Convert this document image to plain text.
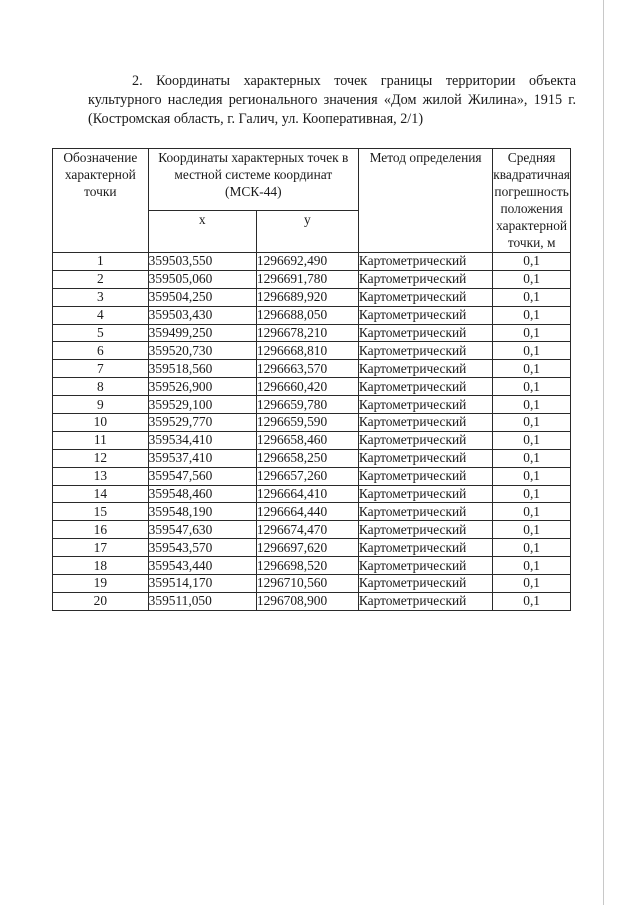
2. Координаты характерных точек границы территории объекта культурного наследия регионального значения «Дом жилой Жилина», 1915 г. (Костромская область, г. Галич, ул. Кооперативная, 2/1)

Обозначение характерной точки	Координаты характерных точек в местной системе координат (МСК-44)		Метод определения	Средняя квадратичная погрешность положения характерной точки, м
	x	y		
1	359503,550	1296692,490	Картометрический	0,1
2	359505,060	1296691,780	Картометрический	0,1
3	359504,250	1296689,920	Картометрический	0,1
4	359503,430	1296688,050	Картометрический	0,1
5	359499,250	1296678,210	Картометрический	0,1
6	359520,730	1296668,810	Картометрический	0,1
7	359518,560	1296663,570	Картометрический	0,1
8	359526,900	1296660,420	Картометрический	0,1
9	359529,100	1296659,780	Картометрический	0,1
10	359529,770	1296659,590	Картометрический	0,1
11	359534,410	1296658,460	Картометрический	0,1
12	359537,410	1296658,250	Картометрический	0,1
13	359547,560	1296657,260	Картометрический	0,1
14	359548,460	1296664,410	Картометрический	0,1
15	359548,190	1296664,440	Картометрический	0,1
16	359547,630	1296674,470	Картометрический	0,1
17	359543,570	1296697,620	Картометрический	0,1
18	359543,440	1296698,520	Картометрический	0,1
19	359514,170	1296710,560	Картометрический	0,1
20	359511,050	1296708,900	Картометрический	0,1
